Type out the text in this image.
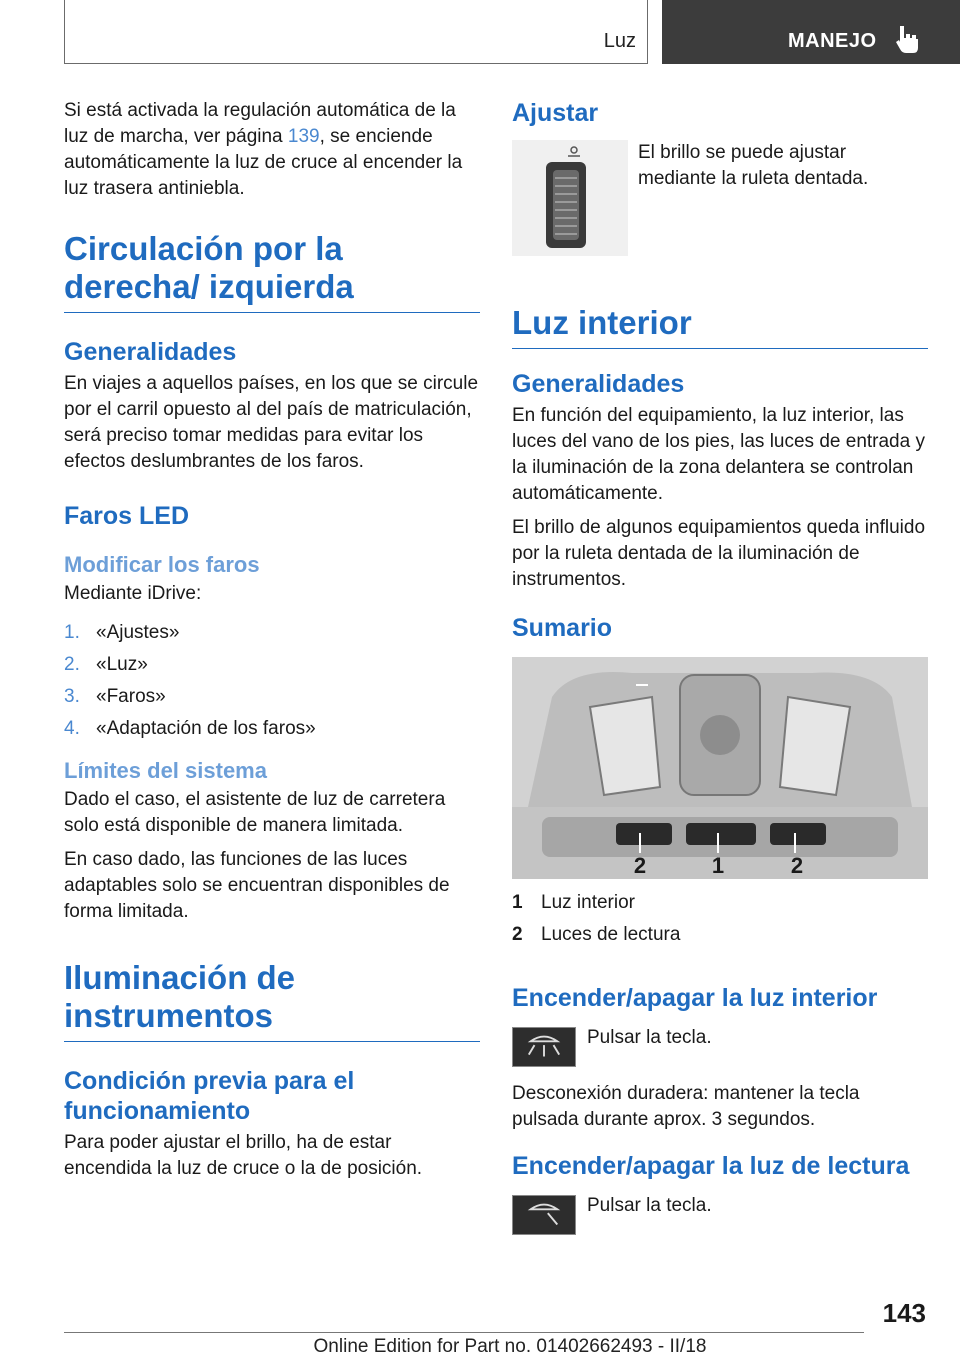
Luz	MANEJO

Si está activada la regulación automática de la luz de marcha, ver página 139, se enciende automáticamente la luz de cruce al encender la luz trasera antiniebla.

Circulación por la derecha/ izquierda
Generalidades

En viajes a aquellos países, en los que se circule por el carril opuesto al del país de matriculación, será preciso tomar medidas para evitar los efectos deslumbrantes de los faros.

Faros LED
Modificar los faros

Mediante iDrive:

1. «Ajustes»
2. «Luz»
3. «Faros»
4. «Adaptación de los faros»
Límites del sistema

Dado el caso, el asistente de luz de carretera solo está disponible de manera limitada.

En caso dado, las funciones de las luces adaptables solo se encuentran disponibles de forma limitada.

Iluminación de instrumentos
Condición previa para el funcionamiento

Para poder ajustar el brillo, ha de estar encendida la luz de cruce o la de posición.

Ajustar

El brillo se puede ajustar mediante la ruleta dentada.

Luz interior
Generalidades

En función del equipamiento, la luz interior, las luces del vano de los pies, las luces de entrada y la iluminación de la zona delantera se controlan automáticamente.

El brillo de algunos equipamientos queda influido por la ruleta dentada de la iluminación de instrumentos.

Sumario
2	1	2
1 Luz interior
2 Luces de lectura
Encender/apagar la luz interior

Pulsar la tecla.

Desconexión duradera: mantener la tecla pulsada durante aprox. 3 segundos.

Encender/apagar la luz de lectura

Pulsar la tecla.

143
Online Edition for Part no. 01402662493 - II/18
